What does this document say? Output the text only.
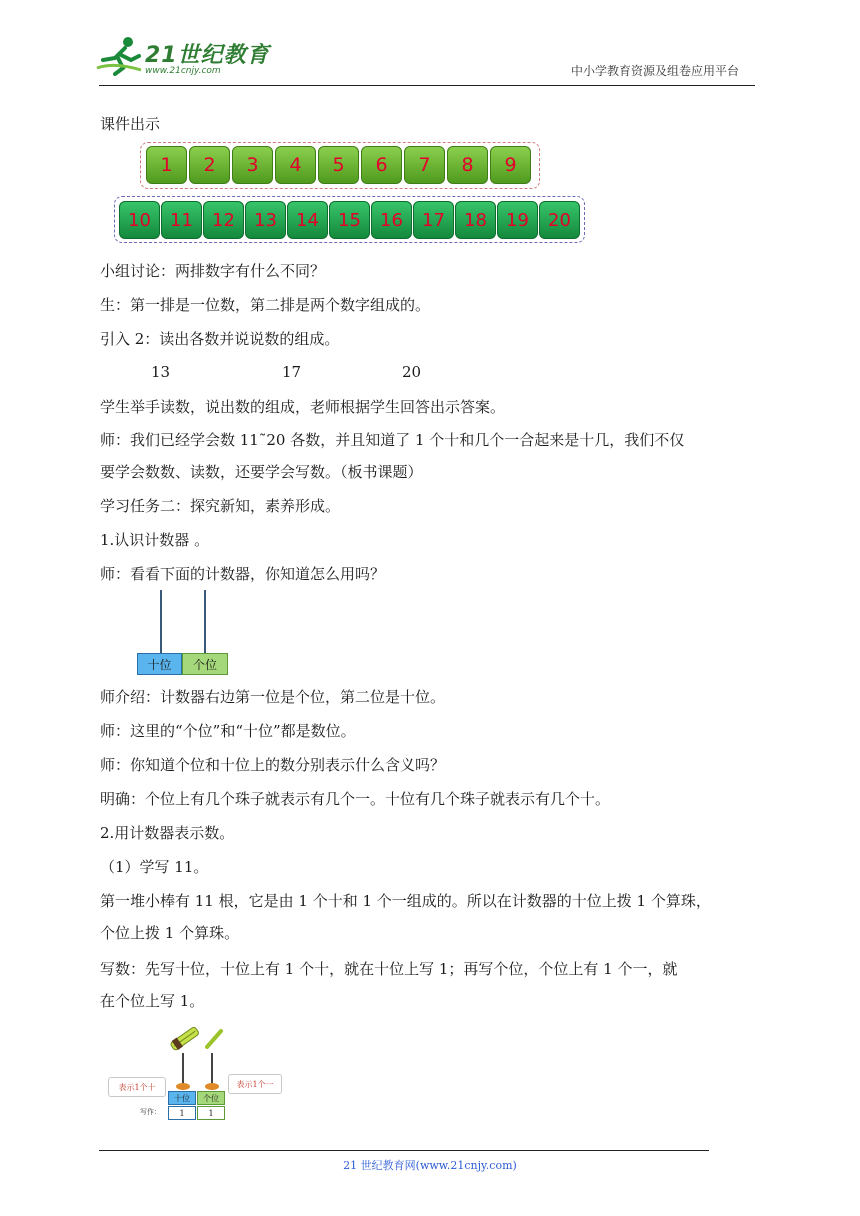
21世纪教育
www.21cnjy.com	中小学教育资源及组卷应用平台
课件出示
1	2	3	4	5	6	7	8	9
10	11	12	13	14	15	16	17	18	19	20
小组讨论：两排数字有什么不同？
生：第一排是一位数，第二排是两个数字组成的。
引入 2：读出各数并说说数的组成。
13	17	20
学生举手读数，说出数的组成，老师根据学生回答出示答案。
师：我们已经学会数 11˜20 各数，并且知道了 1 个十和几个一合起来是十几，我们不仅
要学会数数、读数，还要学会写数。（板书课题）
学习任务二：探究新知，素养形成。
1.认识计数器 。
师：看看下面的计数器，你知道怎么用吗？
十位 个位
师介绍：计数器右边第一位是个位，第二位是十位。
师：这里的“个位”和“十位”都是数位。
师：你知道个位和十位上的数分别表示什么含义吗？
明确：个位上有几个珠子就表示有几个一。十位有几个珠子就表示有几个十。
2.用计数器表示数。
（1）学写 11。
第一堆小棒有 11 根，它是由 1 个十和 1 个一组成的。所以在计数器的十位上拨 1 个算珠，
个位上拨 1 个算珠。
写数：先写十位，十位上有 1 个十，就在十位上写 1；再写个位，个位上有 1 个一，就
在个位上写 1。
表示1个十	表示1个一
十位 个位
写作： 1	1
21 世纪教育网(www.21cnjy.com)
